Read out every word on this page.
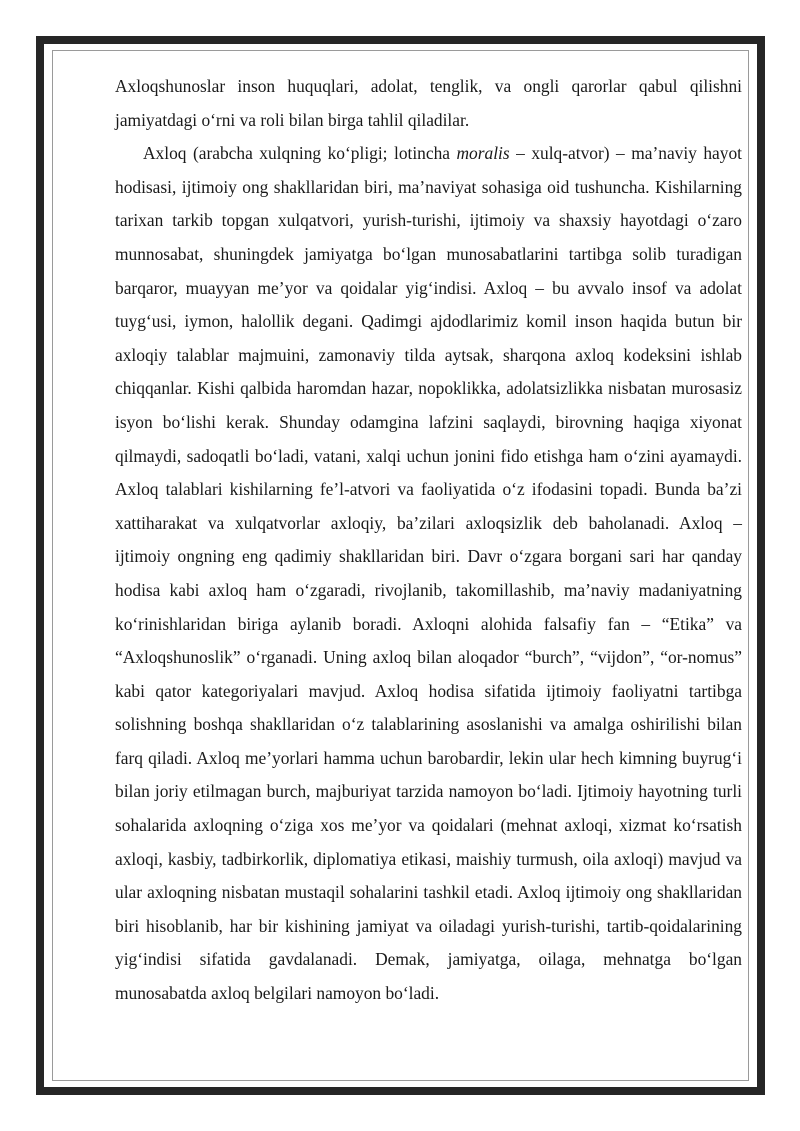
Axloqshunoslar inson huquqlari, adolat, tenglik, va ongli qarorlar qabul qilishni jamiyatdagi o‘rni va roli bilan birga tahlil qiladilar.

Axloq (arabcha xulqning ko‘pligi; lotincha moralis – xulq-atvor) – ma’naviy hayot hodisasi, ijtimoiy ong shakllaridan biri, ma’naviyat sohasiga oid tushuncha. Kishilarning tarixan tarkib topgan xulqatvori, yurish-turishi, ijtimoiy va shaxsiy hayotdagi o‘zaro munnosabat, shuningdek jamiyatga bo‘lgan munosabatlarini tartibga solib turadigan barqaror, muayyan me’yor va qoidalar yig‘indisi. Axloq – bu avvalo insof va adolat tuyg‘usi, iymon, halollik degani. Qadimgi ajdodlarimiz komil inson haqida butun bir axloqiy talablar majmuini, zamonaviy tilda aytsak, sharqona axloq kodeksini ishlab chiqqanlar. Kishi qalbida haromdan hazar, nopoklikka, adolatsizlikka nisbatan murosasiz isyon bo‘lishi kerak. Shunday odamgina lafzini saqlaydi, birovning haqiga xiyonat qilmaydi, sadoqatli bo‘ladi, vatani, xalqi uchun jonini fido etishga ham o‘zini ayamaydi. Axloq talablari kishilarning fe’l-atvori va faoliyatida o‘z ifodasini topadi. Bunda ba’zi xattiharakat va xulqatvorlar axloqiy, ba’zilari axloqsizlik deb baholanadi. Axloq – ijtimoiy ongning eng qadimiy shakllaridan biri. Davr o‘zgara borgani sari har qanday hodisa kabi axloq ham o‘zgaradi, rivojlanib, takomillashib, ma’naviy madaniyatning ko‘rinishlaridan biriga aylanib boradi. Axloqni alohida falsafiy fan – “Etika” va “Axloqshunoslik” o‘rganadi. Uning axloq bilan aloqador “burch”, “vijdon”, “or-nomus” kabi qator kategoriyalari mavjud. Axloq hodisa sifatida ijtimoiy faoliyatni tartibga solishning boshqa shakllaridan o‘z talablarining asoslanishi va amalga oshirilishi bilan farq qiladi. Axloq me’yorlari hamma uchun barobardir, lekin ular hech kimning buyrug‘i bilan joriy etilmagan burch, majburiyat tarzida namoyon bo‘ladi. Ijtimoiy hayotning turli sohalarida axloqning o‘ziga xos me’yor va qoidalari (mehnat axloqi, xizmat ko‘rsatish axloqi, kasbiy, tadbirkorlik, diplomatiya etikasi, maishiy turmush, oila axloqi) mavjud va ular axloqning nisbatan mustaqil sohalarini tashkil etadi. Axloq ijtimoiy ong shakllaridan biri hisoblanib, har bir kishining jamiyat va oiladagi yurish-turishi, tartib-qoidalarining yig‘indisi sifatida gavdalanadi. Demak, jamiyatga, oilaga, mehnatga bo‘lgan munosabatda axloq belgilari namoyon bo‘ladi.
